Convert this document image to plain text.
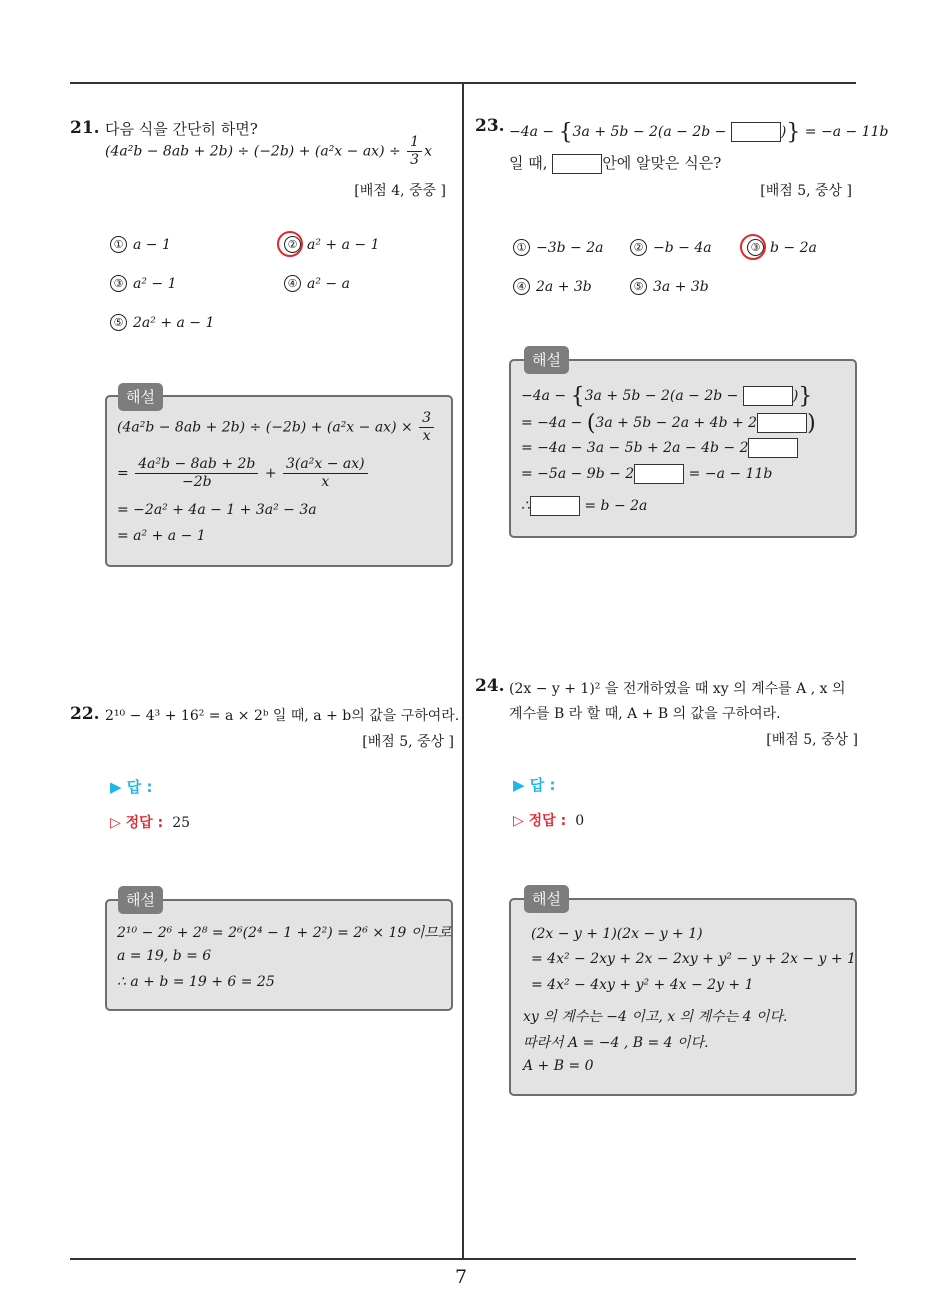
7
21. 다음 식을 간단히 하면?
$(4a^2b - 8ab + 2b) \div (-2b) + (a^2x - ax) \div \frac{1}{3}$ x
[배점 4, 중중 ]
① a − 1	② a² + a − 1
③ a² − 1	④ a² − a
⑤ 2a² + a − 1
해설
$(4a^2b - 8ab + 2b) \div (-2b) + (a^2x - ax) \times \frac{3}{x}$
= $\frac{\text{4a²b − 8ab + 2b}}{-2b} + \frac{\text{3(a²x − ax)}}{x}$
= −2a² + 4a − 1 + 3a² − 3a
= a² + a − 1
22. 2¹⁰ − 4³ + 16² = a × 2ᵇ 일 때, a + b의 값을 구하여라.
[배점 5, 중상 ]
▶ 답 :
▷ 정답 : 25
해설
2¹⁰ − 2⁶ + 2⁸ = 2⁶(2⁴ − 1 + 2²) = 2⁶ × 19 이므로
a = 19, b = 6
∴ a + b = 19 + 6 = 25
23. −4a − {3a + 5b − 2(a − 2b −	)} = −a − 11b
일 때,	안에 알맞은 식은?
[배점 5, 중상 ]
① −3b − 2a	② −b − 4a	③ b − 2a
④ 2a + 3b	⑤ 3a + 3b
해설
−4a − {3a + 5b − 2(a − 2b −	)}
= −4a − (3a + 5b − 2a + 4b + 2 )
= −4a − 3a − 5b + 2a − 4b − 2
= −5a − 9b − 2	= −a − 11b
∴	= b − 2a
24. (2x − y + 1)² 을 전개하였을 때 xy 의 계수를 A , x 의
계수를 B 라 할 때, A + B 의 값을 구하여라.
[배점 5, 중상 ]
▶ 답 :
▷ 정답 : 0
해설
(2x − y + 1)(2x − y + 1)
= 4x² − 2xy + 2x − 2xy + y² − y + 2x − y + 1
= 4x² − 4xy + y² + 4x − 2y + 1
xy 의 계수는 −4 이고, x 의 계수는 4 이다.
따라서 A = −4 , B = 4 이다.
A + B = 0
